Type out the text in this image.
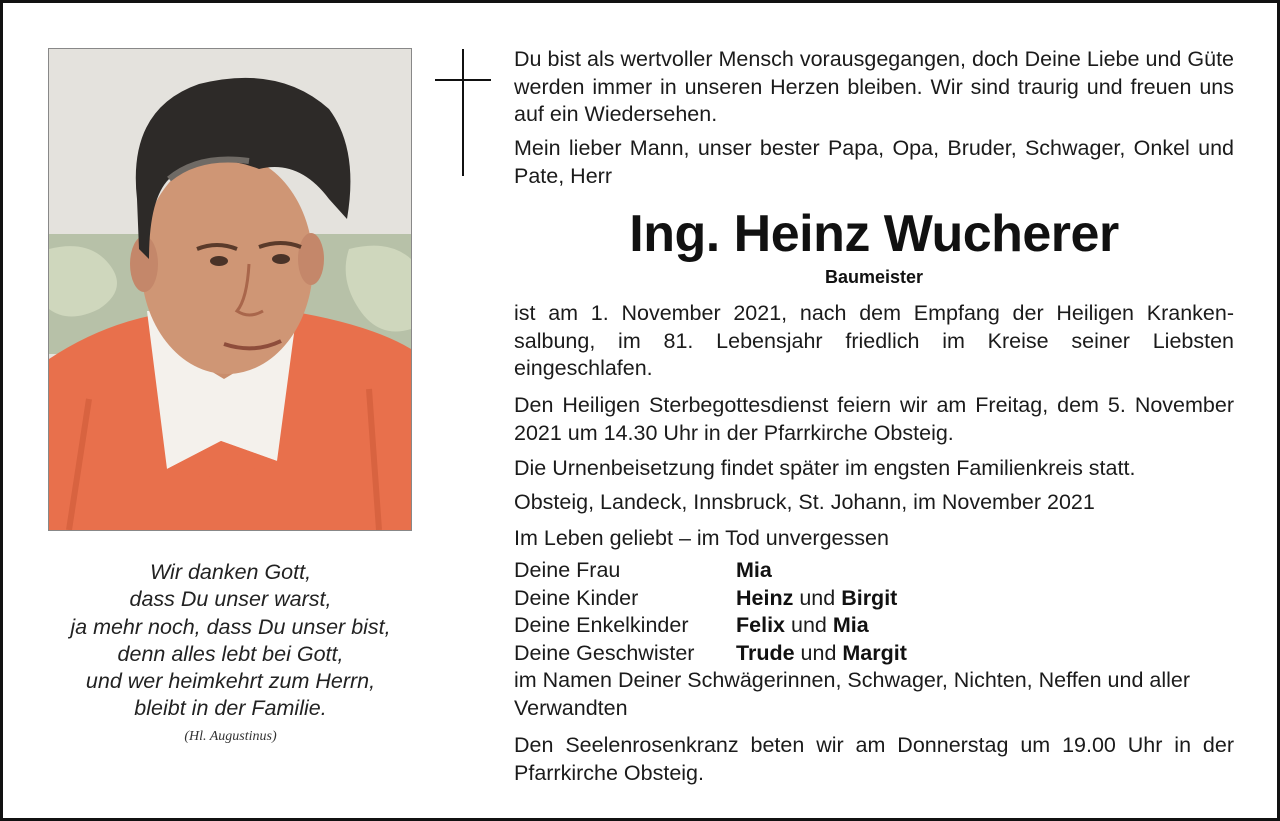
Wir danken Gott,
dass Du unser warst,
ja mehr noch, dass Du unser bist,
denn alles lebt bei Gott,
und wer heimkehrt zum Herrn,
bleibt in der Familie.
(Hl. Augustinus)
Du bist als wertvoller Mensch vorausgegangen, doch Deine Liebe und Güte werden immer in unseren Herzen bleiben. Wir sind traurig und freuen uns auf ein Wiedersehen.
Mein lieber Mann, unser bester Papa, Opa, Bruder, Schwager, Onkel und Pate, Herr
Ing. Heinz Wucherer
Baumeister
ist am 1. November 2021, nach dem Empfang der Heiligen Krankensalbung, im 81. Lebensjahr friedlich im Kreise seiner Liebsten eingeschlafen.
Den Heiligen Sterbegottesdienst feiern wir am Freitag, dem 5. November 2021 um 14.30 Uhr in der Pfarrkirche Obsteig.
Die Urnenbeisetzung findet später im engsten Familienkreis statt.
Obsteig, Landeck, Innsbruck, St. Johann, im November 2021
Im Leben geliebt – im Tod unvergessen
Deine Frau	Mia
Deine Kinder	Heinz und Birgit
Deine Enkelkinder Felix und Mia
Deine Geschwister Trude und Margit
im Namen Deiner Schwägerinnen, Schwager, Nichten, Neffen und aller Verwandten
Den Seelenrosenkranz beten wir am Donnerstag um 19.00 Uhr in der Pfarrkirche Obsteig.
